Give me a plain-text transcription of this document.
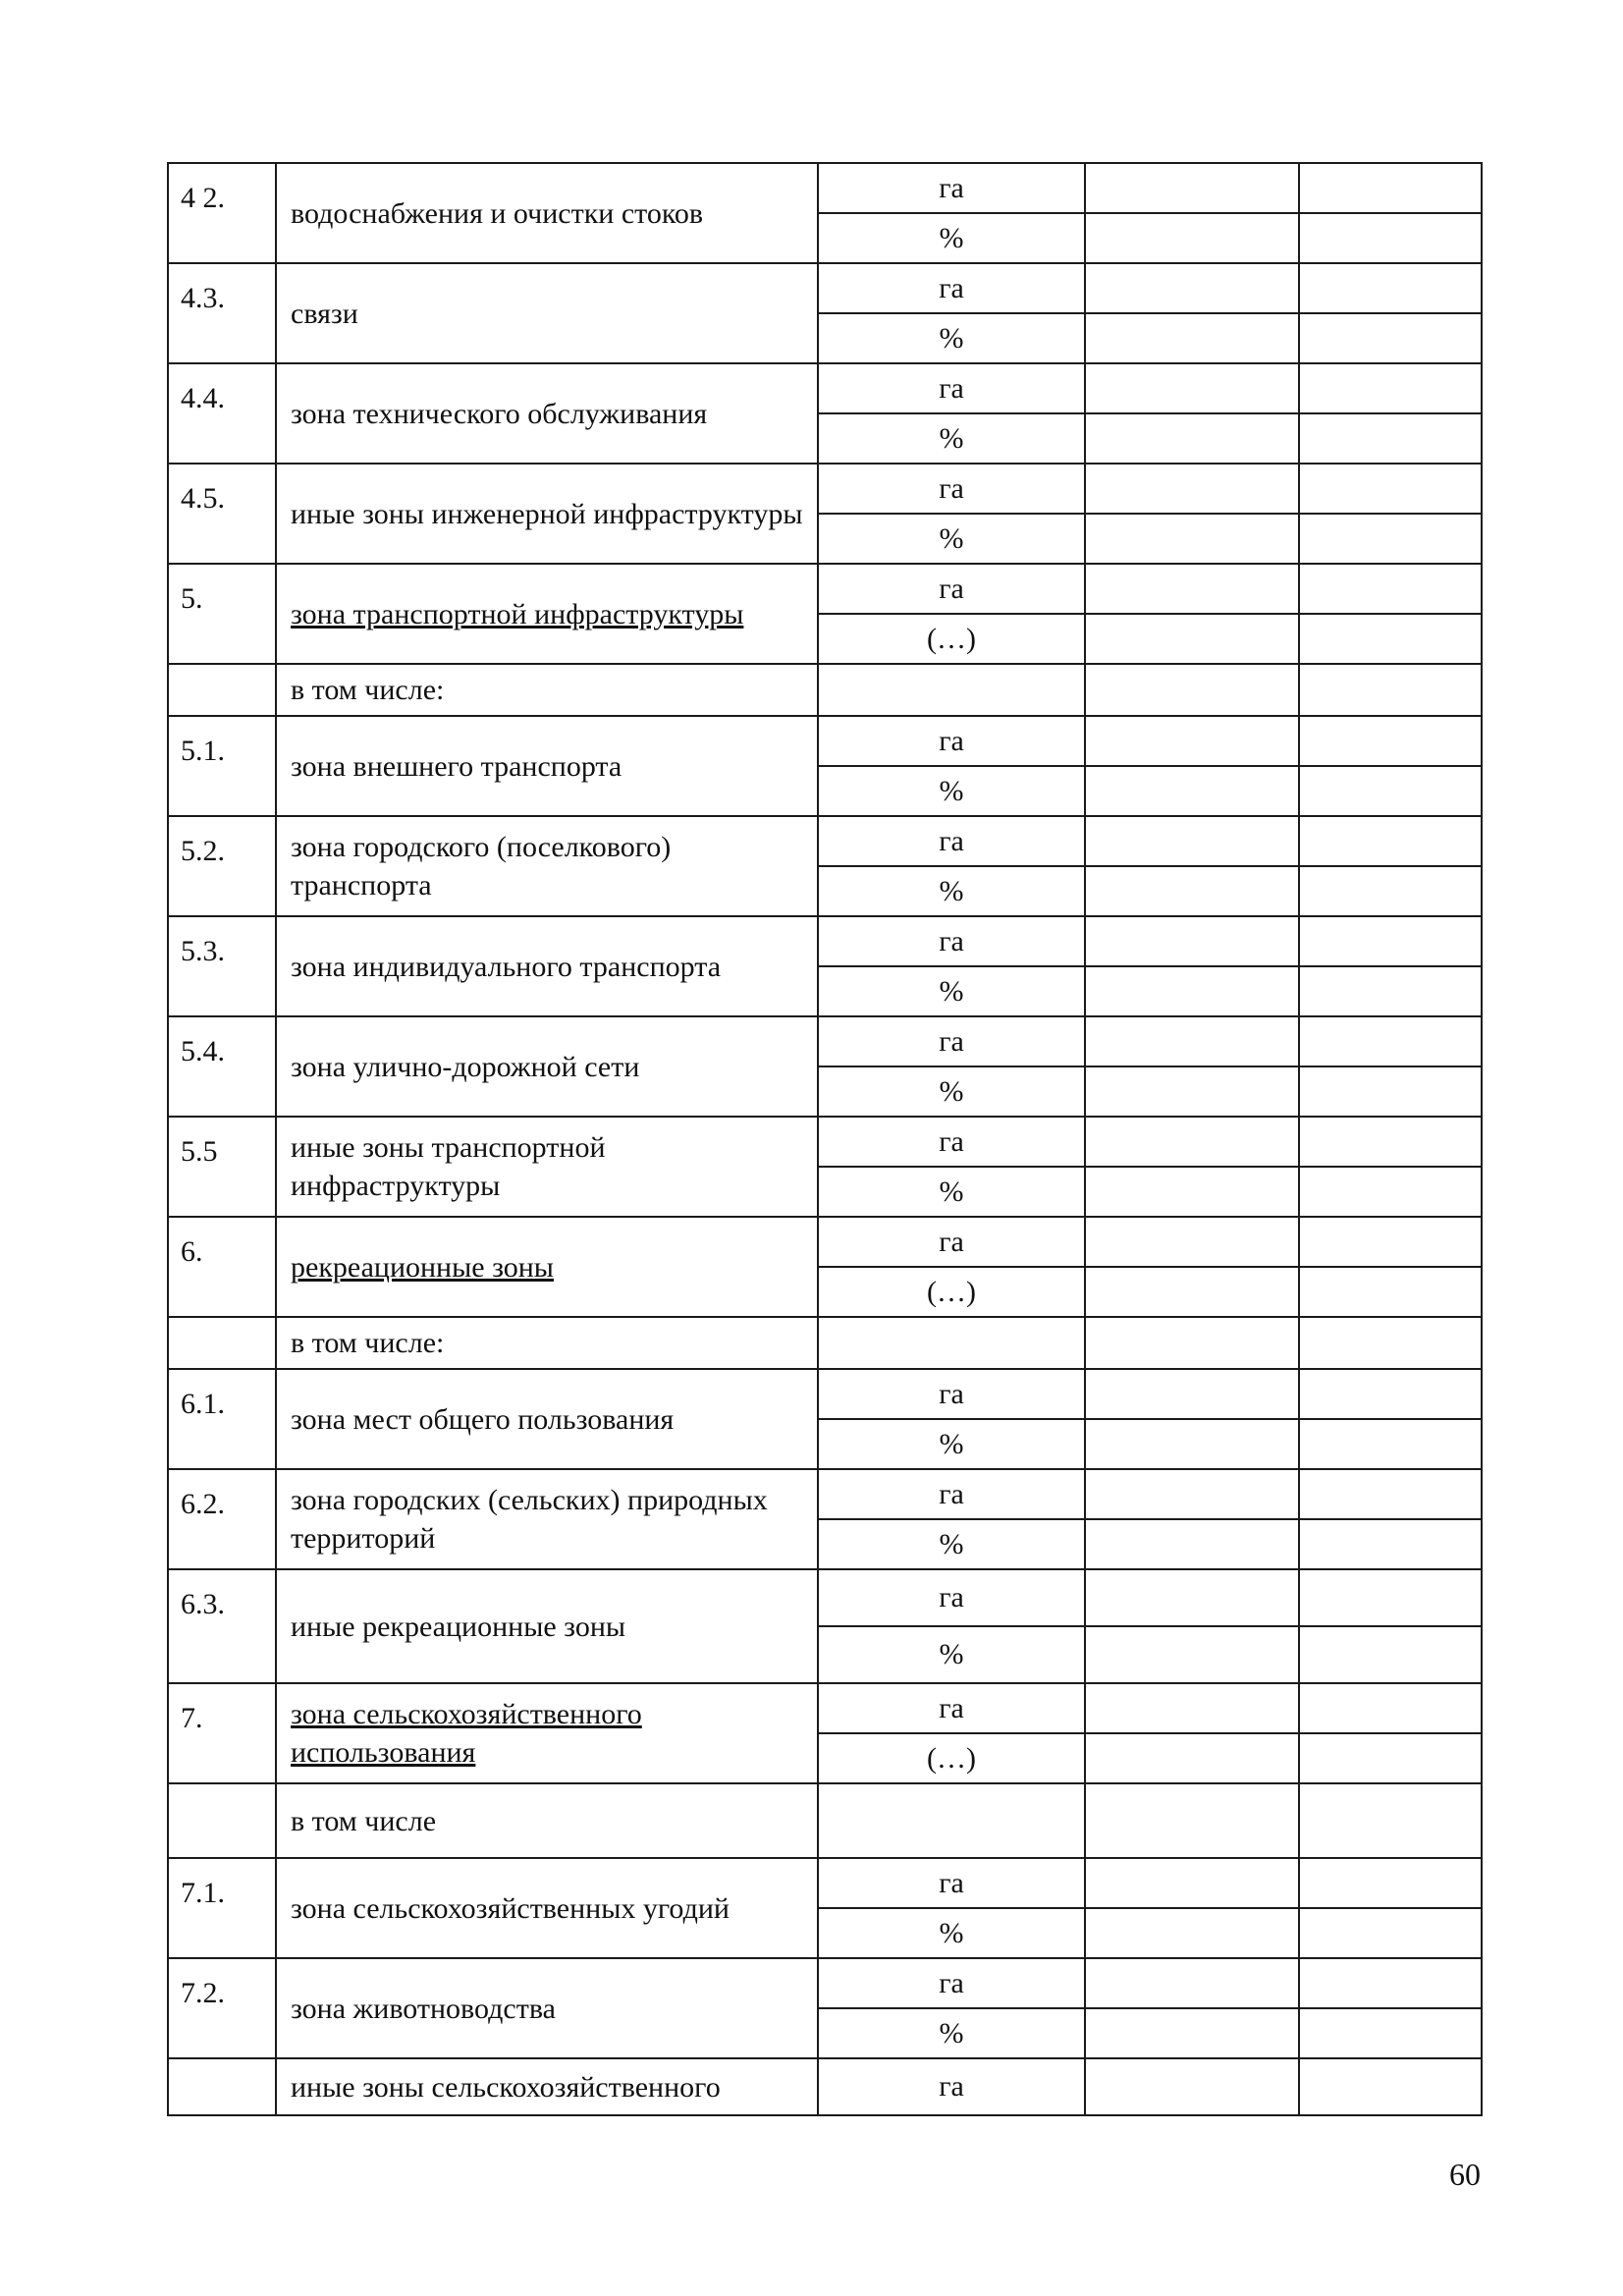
4 2.	водоснабжения и очистки стоков	га		
		%		
4.3.	связи	га		
		%		
4.4.	зона технического обслуживания	га		
		%		
4.5.	иные зоны инженерной инфраструктуры	га		
		%		
5.	зона транспортной инфраструктуры	га		
		(…)		
	в том числе:			
5.1.	зона внешнего транспорта	га		
		%		
5.2.	зона городского (поселкового) транспорта	га		
		%		
5.3.	зона индивидуального транспорта	га		
		%		
5.4.	зона улично-дорожной сети	га		
		%		
5.5	иные зоны транспортной инфраструктуры	га		
		%		
6.	рекреационные зоны	га		
		(…)		
	в том числе:			
6.1.	зона мест общего пользования	га		
		%		
6.2.	зона городских (сельских) природных территорий	га		
		%		
6.3.	иные рекреационные зоны	га		
		%		
7.	зона сельскохозяйственного использования	га		
		(…)		
	в том числе			
7.1.	зона сельскохозяйственных угодий	га		
		%		
7.2.	зона животноводства	га		
		%		
	иные зоны сельскохозяйственного	га		
60
